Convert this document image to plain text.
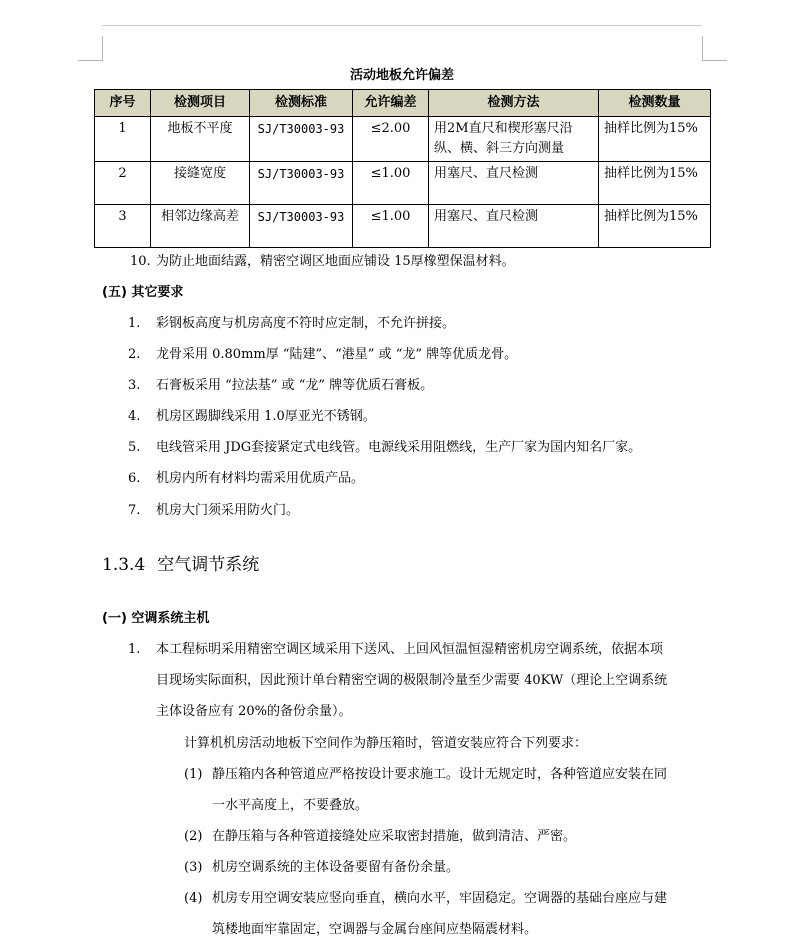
活动地板允许偏差
序号	检测项目	检测标准	允许编差	检测方法	检测数量
1	地板不平度	SJ/T30003-93	≤2.00	用2M直尺和楔形塞尺沿纵、横、斜三方向测量	抽样比例为15%
2	接缝宽度	SJ/T30003-93	≤1.00	用塞尺、直尺检测	抽样比例为15%
3	相邻边缘高差	SJ/T30003-93	≤1.00	用塞尺、直尺检测	抽样比例为15%
10. 为防止地面结露，精密空调区地面应铺设 15厚橡塑保温材料。
(五) 其它要求
1. 彩钢板高度与机房高度不符时应定制，不允许拼接。
2. 龙骨采用 0.80mm厚 “陆建”、“港星” 或 “龙” 牌等优质龙骨。
3. 石膏板采用 “拉法基” 或 “龙” 牌等优质石膏板。
4. 机房区踢脚线采用 1.0厚亚光不锈钢。
5. 电线管采用 JDG套接紧定式电线管。电源线采用阻燃线，生产厂家为国内知名厂家。
6. 机房内所有材料均需采用优质产品。
7. 机房大门须采用防火门。
1.3.4 空气调节系统
(一) 空调系统主机
1. 本工程标明采用精密空调区域采用下送风、上回风恒温恒湿精密机房空调系统，依据本项
目现场实际面积，因此预计单台精密空调的极限制冷量至少需要 40KW（理论上空调系统
主体设备应有 20%的备份余量）。
计算机机房活动地板下空间作为静压箱时，管道安装应符合下列要求：
(1) 静压箱内各种管道应严格按设计要求施工。设计无规定时，各种管道应安装在同
一水平高度上，不要叠放。
(2) 在静压箱与各种管道接缝处应采取密封措施，做到清洁、严密。
(3) 机房空调系统的主体设备要留有备份余量。
(4) 机房专用空调安装应竖向垂直，横向水平，牢固稳定。空调器的基础台座应与建
筑楼地面牢靠固定，空调器与金属台座间应垫隔震材料。
